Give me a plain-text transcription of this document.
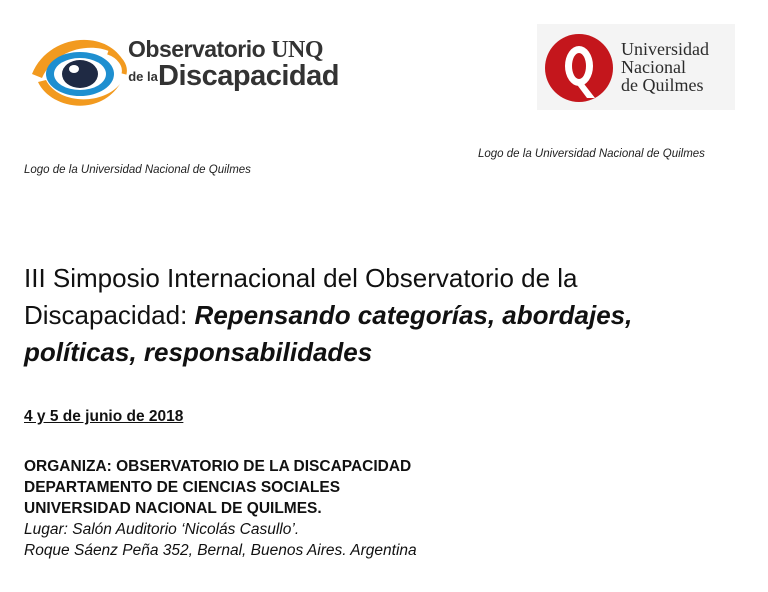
Observatorio UNQ
de laDiscapacidad
Universidad
Nacional
de Quilmes
Logo de la Universidad Nacional de Quilmes
Logo de la Universidad Nacional de Quilmes
III Simposio Internacional del Observatorio de la Discapacidad: Repensando categorías, abordajes, políticas, responsabilidades
4 y 5 de junio de 2018
ORGANIZA: OBSERVATORIO DE LA DISCAPACIDAD
DEPARTAMENTO DE CIENCIAS SOCIALES
UNIVERSIDAD NACIONAL DE QUILMES.
Lugar: Salón Auditorio ‘Nicolás Casullo’.
Roque Sáenz Peña 352, Bernal, Buenos Aires. Argentina
